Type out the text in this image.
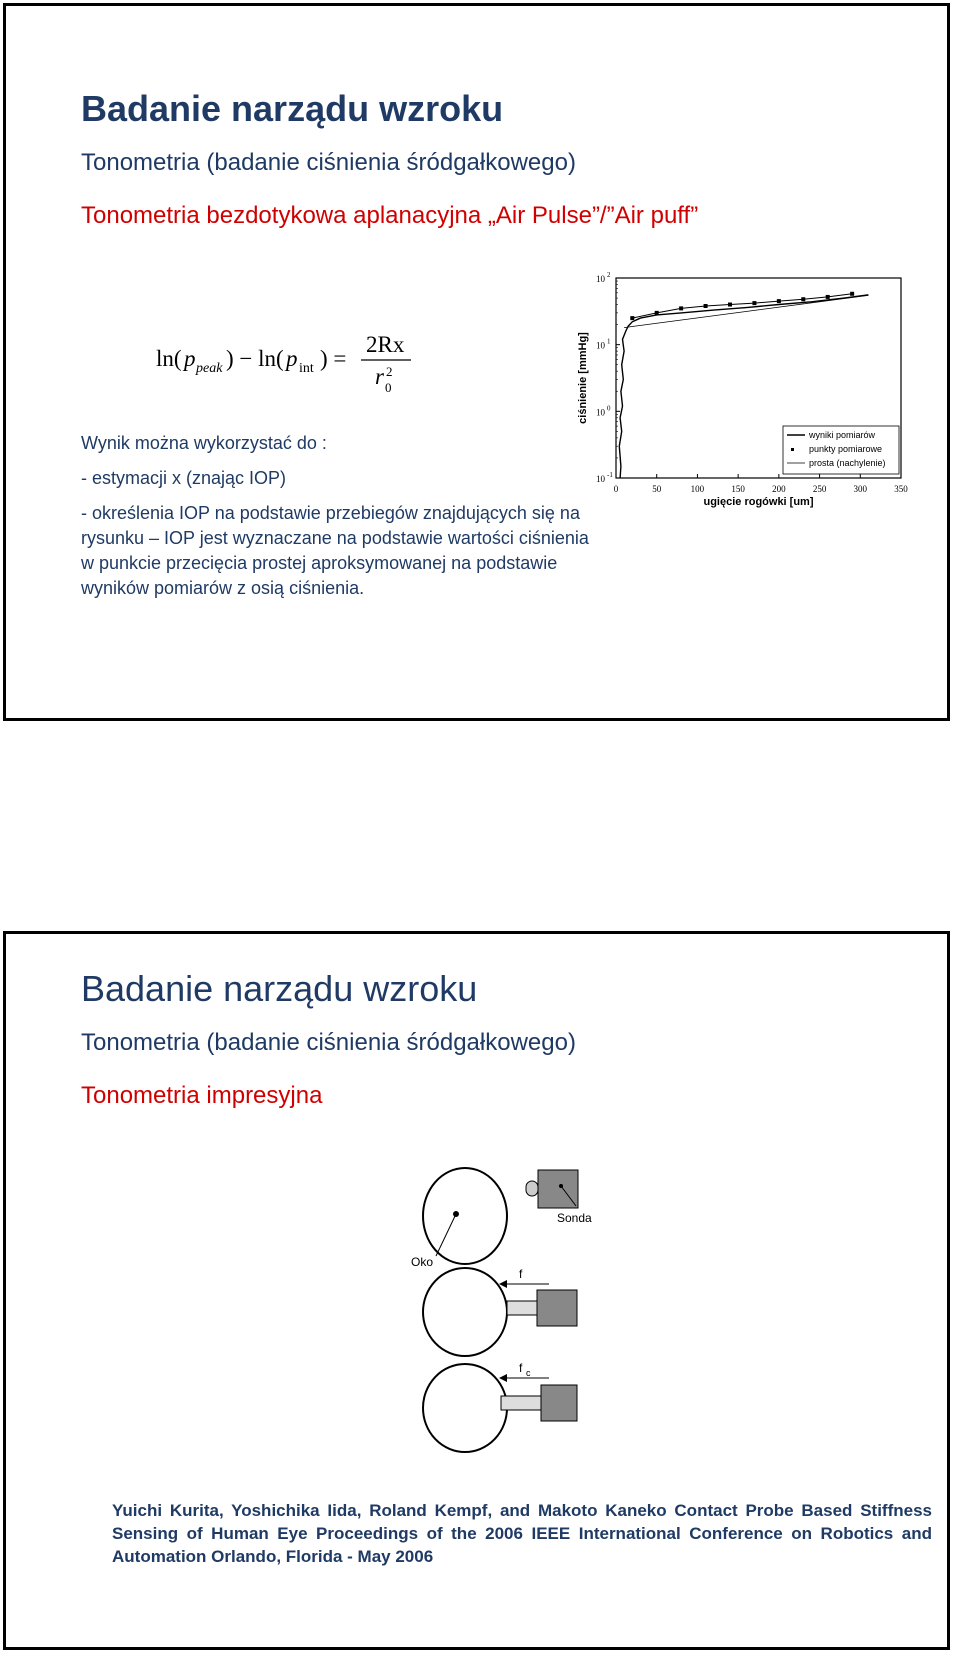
Badanie narządu wzroku
Tonometria (badanie ciśnienia śródgałkowego)
Tonometria bezdotykowa aplanacyjna „Air Pulse”/”Air puff”
ln( p peak ) − ln( p int ) =
2Rx
r 2
0

Wynik można wykorzystać do :

- estymacji x (znając IOP)

- określenia IOP na podstawie przebiegów znajdujących się na rysunku – IOP jest wyznaczane na podstawie wartości ciśnienia w punkcie przecięcia prostej aproksymowanej na podstawie wyników pomiarów z osią ciśnienia.

0	50	100	150	200	250	300	350
10 -1
10 0
10 1
10 2
ugięcie rogówki [um]
ciśnienie [mmHg]
wyniki pomiarów
punkty pomiarowe
prosta (nachylenie)
Badanie narządu wzroku
Tonometria (badanie ciśnienia śródgałkowego)
Tonometria impresyjna
Sonda
Oko
f
f c
Yuichi Kurita, Yoshichika Iida, Roland Kempf, and Makoto Kaneko Contact Probe Based Stiffness Sensing of Human Eye Proceedings of the 2006 IEEE International Conference on Robotics and Automation Orlando, Florida - May 2006
